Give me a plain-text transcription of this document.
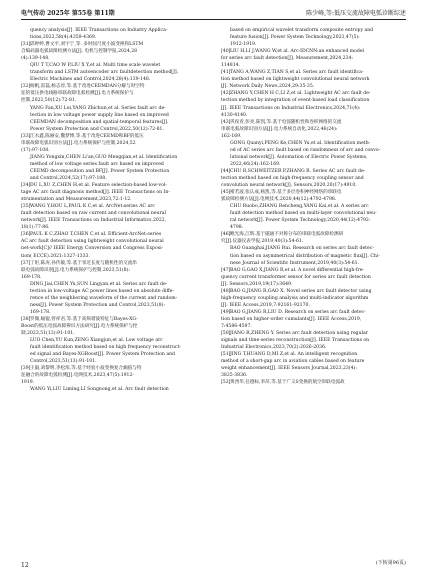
电气传动 2025年 第55卷 第11期	陈少峰,等:低压交流故障电弧诊断综述
quency analysis[J]. IEEE Transactions on Industry Applica-
tions,2022,58(4):4359-4369.
[31]邱婷婷,曹文平,刘宇宁,等. 多时间尺度小波变换和LSTM
自编码器电弧故障检测方法[J]. 电机与控制学报,2024,28
(4):139-148.
QIU T T,CAO W P,LIU X Y,et al. Multi time scale wavelet
transform and LSTM autoencoder arc faultdetection method[J].
Electric Machines and Control,2024,28(4):139-148.
[32]杨帆,雷磊,杨志淳,等.基于改进CEEMDAN分解与时空特
征的低压供电线路串联故障电弧检测[J].电力系统保护与
控制,2022,50(12):72-81.
YANG Fan,XU Lei,YANG Zhichun,et al. Series fault arc de-
tection in low voltage power supply line based on improved
CEEMDAN decomposition and spatial-temporal features[J].
Power System Protection and Control,2022,50(12):72-81.
[33]江水鑫,陈丽安,魏梦博,等.基于改进CEEMD和BF的低压
串联故障电弧识别方法[J].电力系统保护与控制,2024,52
(17):97-108.
JIANG Yongxin,CHEN Li'an,GUO Mengqian,et al. Identification
method of low voltage series fault arc based on improved
CEEMD decomposition and BF[J]. Power System Protection
and Control,2024,52(17):97-108.
[34]DU L,XU Z,CHEN H,et al. Feature selection-based low-vol-
tage AC arc fault diagnosis method[J]. IEEE Transactions on In-
strumentation and Measurement,2023,72:1-12.
[35]WANG Y,HOU L,PAUL K C,et al. ArcNet:series AC arc
fault detection based on raw current and convolutional neural
network[J]. IEEE Transactions on Industrial Informatics,2022,
18(1):77-86.
[36]PAUL K C,ZHAO T,CHEN C,et al. Efficient-ArcNet:series
AC arc fault detection using lightweight convolutional neural
net-work[C]// IEEE Energy Conversion and Congress Exposi-
tion( ECCE).2021:1327-1333.
[37]丁炬,陈涛,孙传敏,等.基于邻近长度与随机性的交流串
联电弧故障识别[J].电力系统保护与控制,2023,51(8):
169-178.
DING Jiai,CHEN Yu,SUN Lingyan,et al. Series arc fault de-
tection in low-voltage AC power lines based on absolute diffe-
rence of the neighboring waveform of the current and random-
ness[J]. Power System Protection and Control,2023,51(8):
169-178.
[38]罗微,喻锟,曾祥君,等.基于高频谐波特征与Bayes-XG-
Boost的低压电弧故障辨识方法研究[J].电力系统保护与控
制,2023,51(13):91-101.
LUO Chen,YU Kun,ZENG Xiangjun,et al. Low voltage arc
fault identification method based on high frequency reconstruct-
ed signal and Bayes-XGBoost[J]. Power System Protection and
Control,2023,51(13):91-101.
[39]王毅,刘黎明,李松浓,等.基于经验小波变换复合熵值与特
征融合的故障电弧检测[J].电网技术,2023,47(5):1912-
1919.
WANG Yi,LIU Liming,LI Songnong,et al. Arc fault detection
based on empirical wavelet transform composite entropy and
feature fusion[J]. Power System Technology,2023,47(5):
1912-1919.
[40]LIU H,LI J,WANG W,et al. Arc-IDCNN:an enhanced model
for series arc fault detection[J]. Measurement,2024,234:
114814.
[41]TANG A,WANG Z,TIAN S,et al. Series arc fault identifica-
tion method based on lightweight convolutional neural network
[J]. Network Daily News,2024,29:35-35.
[42]ZHANG Y,CHEN H C,LI Z,et al. Lightweight AC arc fault de-
tection method by integration of event-based load classification
[J]. IEEE Transactions on Industrial Electronics,2024,71(4):
4130-4140.
[43]巩夜青,彭亮,陈凯,等.基于电弧随机性和卷积网络的交流
串联电弧故障识别方法[J].电力系统自动化,2022,46(24):
162-169.
GONG Quanyi,PENG Ke,CHEN Yu,et al. Identification meth-
od of AC series arc fault based on randomness of arc and convo-
lutional network[J]. Automation of Electric Power Systems,
2022,46(24):162-169.
[44]CHU R,SCHWEITZER P,ZHANG R. Series AC arc fault de-
tection method based on high-frequency coupling sensor and
convolution neural network[J]. Sensors,2020,20(17):4910.
[45]褚若波,张认成,杨凯,等.基于多层卷积神经网络的串联电
弧故障检测方法[J].电网技术,2020,44(12):4792-4798.
CHU Ruobo,ZHANG Rencheng,YANG Kai,et al. A series arc
fault detection method based on multi-layer convolutional neu-
ral network[J]. Power System Technology,2020,44(12):4792-
4798.
[46]鲍光海,江辉.基于磁通不对称分布的串联电弧故障检测研
究[J].仪器仪表学报,2019,40(3):54-61.
BAO Guanghai,JIANG Rui. Research on series arc fault detec-
tion based on asymmetrical distribution of magnetic flux[J]. Chi-
nese Journal of Scientific Instrument,2019,40(3):54-61.
[47]BAO G,GAO X,JIANG R,et al. A novel differential high-fre-
quency current transformer sensor for series arc fault detection
[J]. Sensors,2019,19(17):3649.
[48]BAO G,JIANG R,GAO X. Novel series arc fault detector using
high-frequency coupling analysis and multi-indicator algorithm
[J]. IEEE Access,2019,7:92161-92170.
[49]BAO G,JIANG R,LIU D. Research on series arc fault detec-
tion based on higher-order cumulants[J]. IEEE Access,2019,
7:4586-4597.
[50]JIANG R,ZHENG Y. Series arc fault detection using regular
signals and time-series reconstruction[J]. IEEE Transactions on
Industrial Electronics,2023,70(2):2026-2036.
[51]JING T,HUANG D,MI Z,et al. An intelligent recognition
method of a short-gap arc in aviation cables based on feature
weight enhancement[J]. IEEE Sensors Journal,2023,23(4):
3825-3836.
[52]黄西华,任德标,李萍,等.基于广义S变换的航空串联电弧故
12	(下转第96页)
